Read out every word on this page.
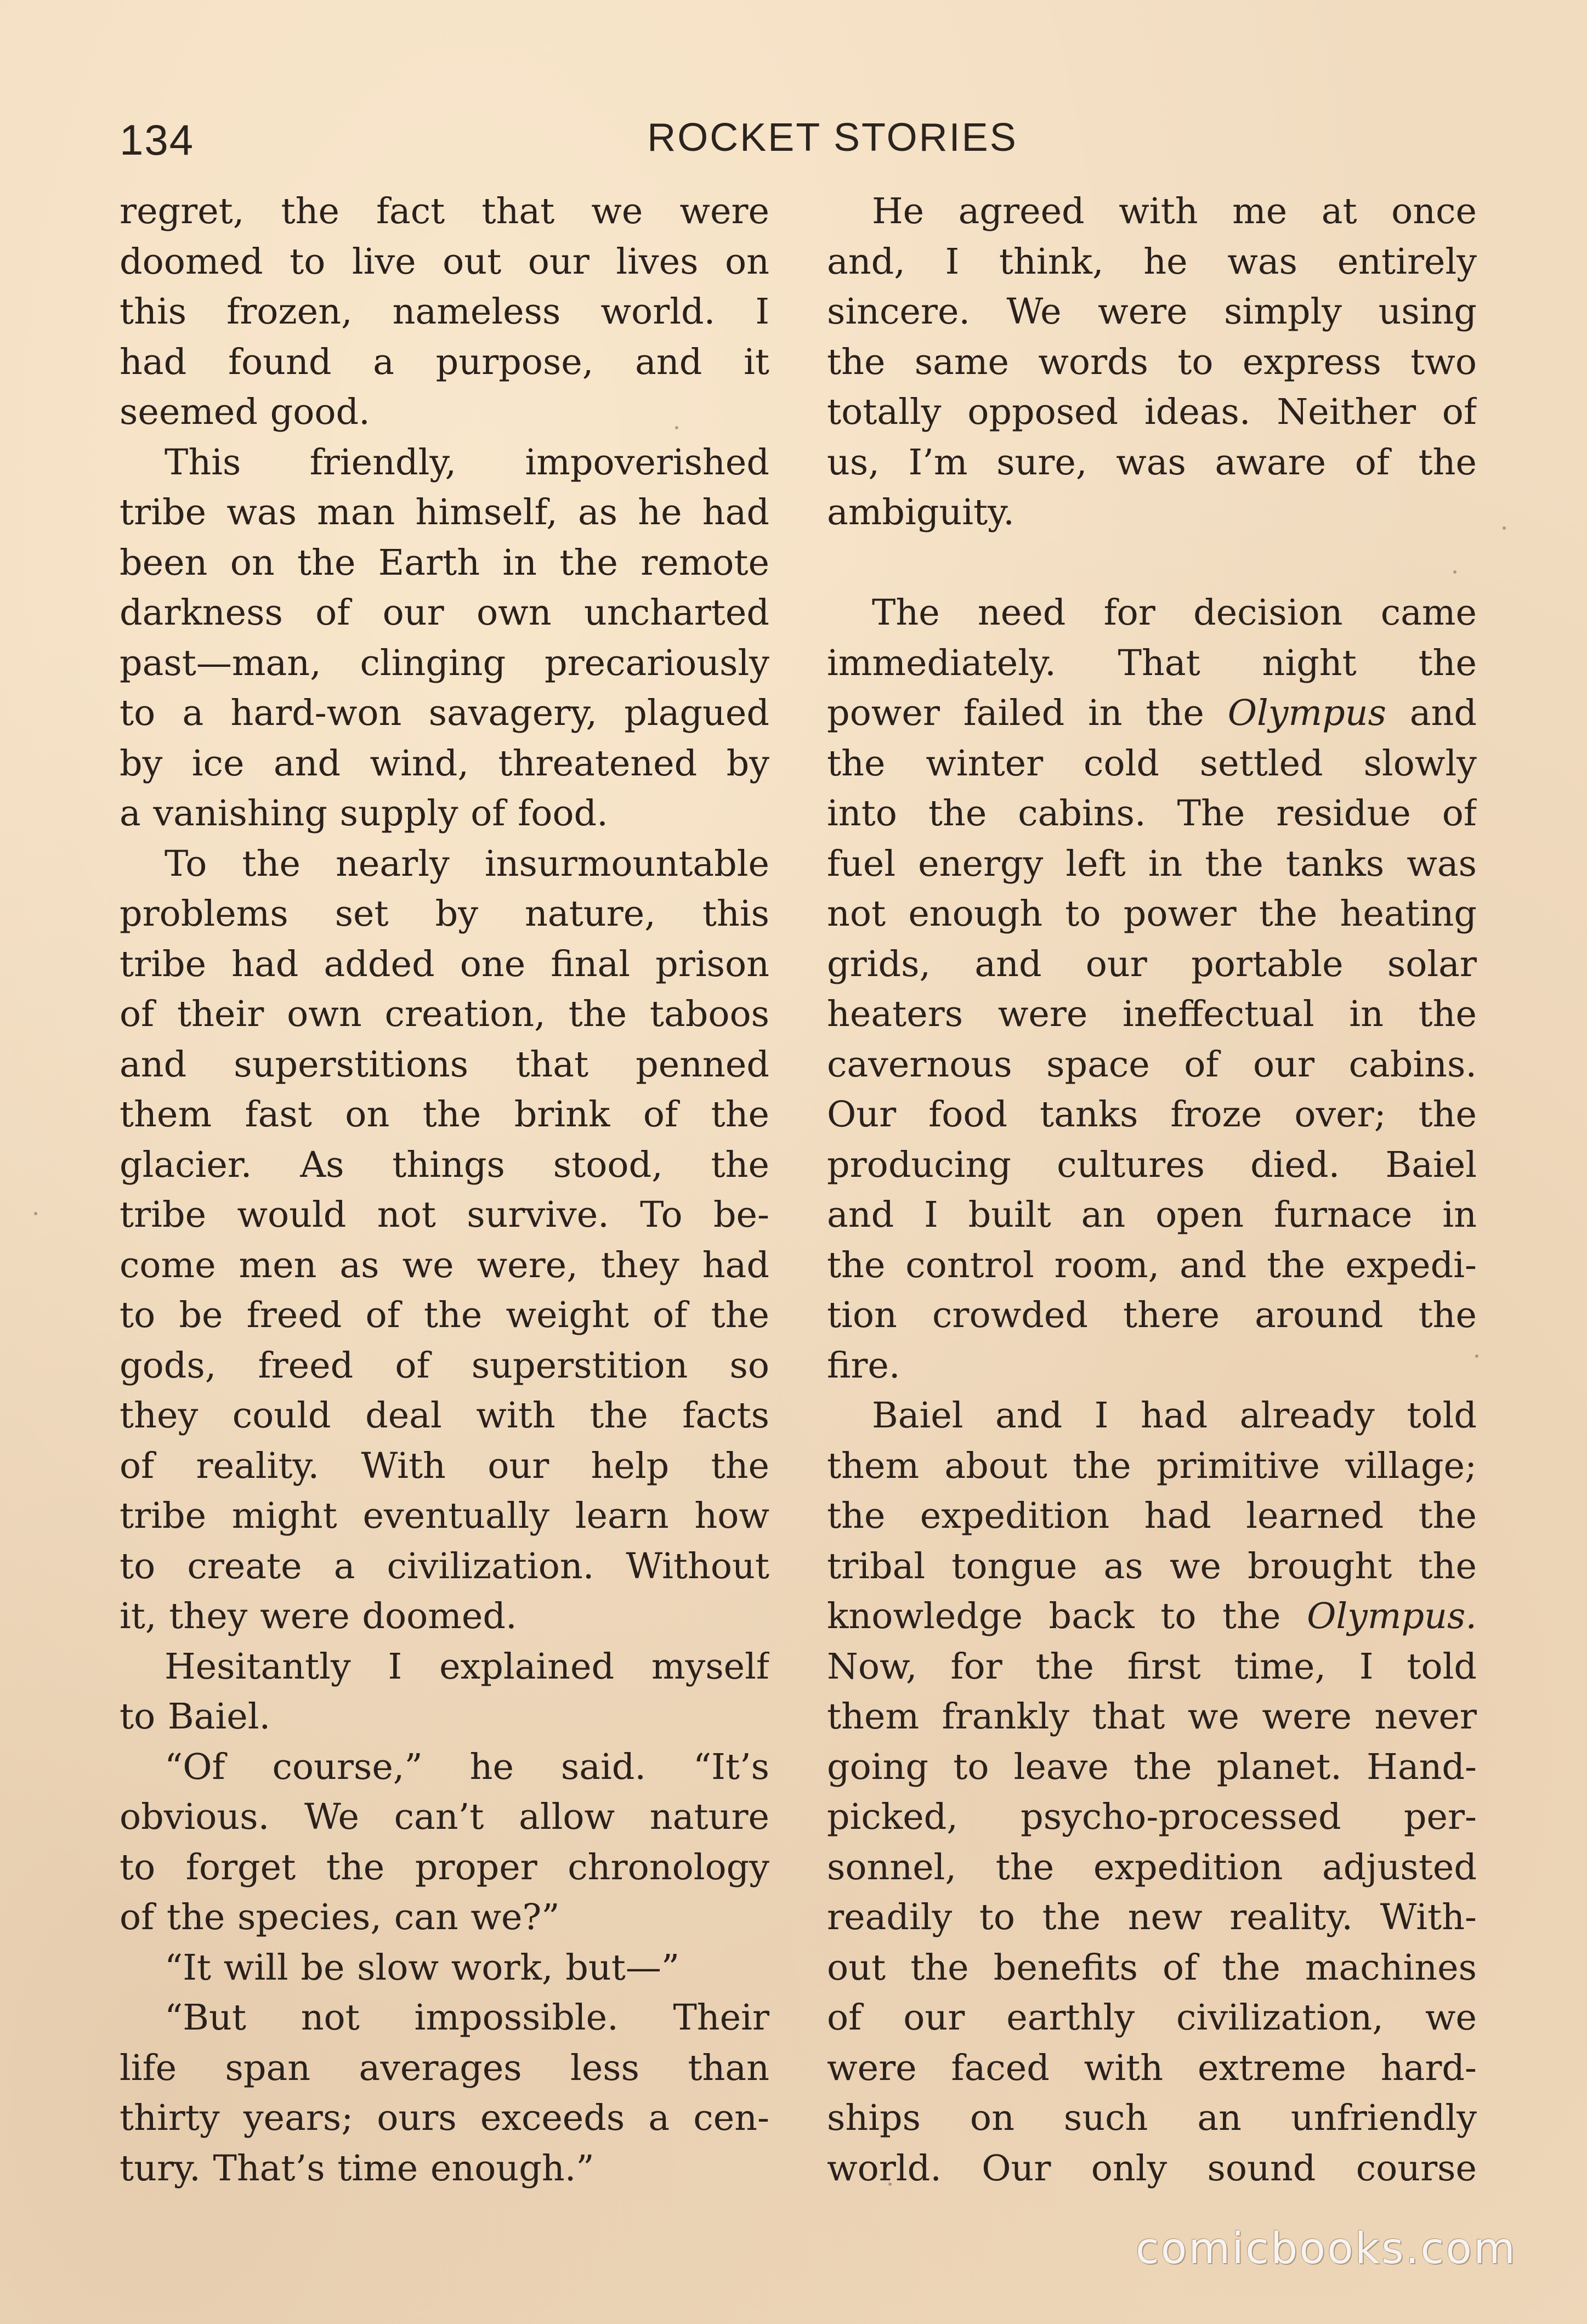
134	ROCKET STORIES
regret, the fact that we were
doomed to live out our lives on
this frozen, nameless world. I
had found a purpose, and it
seemed good.
This friendly, impoverished
tribe was man himself, as he had
been on the Earth in the remote
darkness of our own uncharted
past—man, clinging precariously
to a hard-won savagery, plagued
by ice and wind, threatened by
a vanishing supply of food.
To the nearly insurmountable
problems set by nature, this
tribe had added one final prison
of their own creation, the taboos
and superstitions that penned
them fast on the brink of the
glacier. As things stood, the
tribe would not survive. To be-
come men as we were, they had
to be freed of the weight of the
gods, freed of superstition so
they could deal with the facts
of reality. With our help the
tribe might eventually learn how
to create a civilization. Without
it, they were doomed.
Hesitantly I explained myself
to Baiel.
“Of course,” he said. “It’s
obvious. We can’t allow nature
to forget the proper chronology
of the species, can we?”
“It will be slow work, but—”
“But not impossible. Their
life span averages less than
thirty years; ours exceeds a cen-
tury. That’s time enough.”
He agreed with me at once
and, I think, he was entirely
sincere. We were simply using
the same words to express two
totally opposed ideas. Neither of
us, I’m sure, was aware of the
ambiguity.
The need for decision came
immediately. That night the
power failed in the Olympus and
the winter cold settled slowly
into the cabins. The residue of
fuel energy left in the tanks was
not enough to power the heating
grids, and our portable solar
heaters were ineffectual in the
cavernous space of our cabins.
Our food tanks froze over; the
producing cultures died. Baiel
and I built an open furnace in
the control room, and the expedi-
tion crowded there around the
fire.
Baiel and I had already told
them about the primitive village;
the expedition had learned the
tribal tongue as we brought the
knowledge back to the Olympus.
Now, for the first time, I told
them frankly that we were never
going to leave the planet. Hand-
picked, psycho-processed per-
sonnel, the expedition adjusted
readily to the new reality. With-
out the benefits of the machines
of our earthly civilization, we
were faced with extreme hard-
ships on such an unfriendly
world. Our only sound course
comicbooks.com
